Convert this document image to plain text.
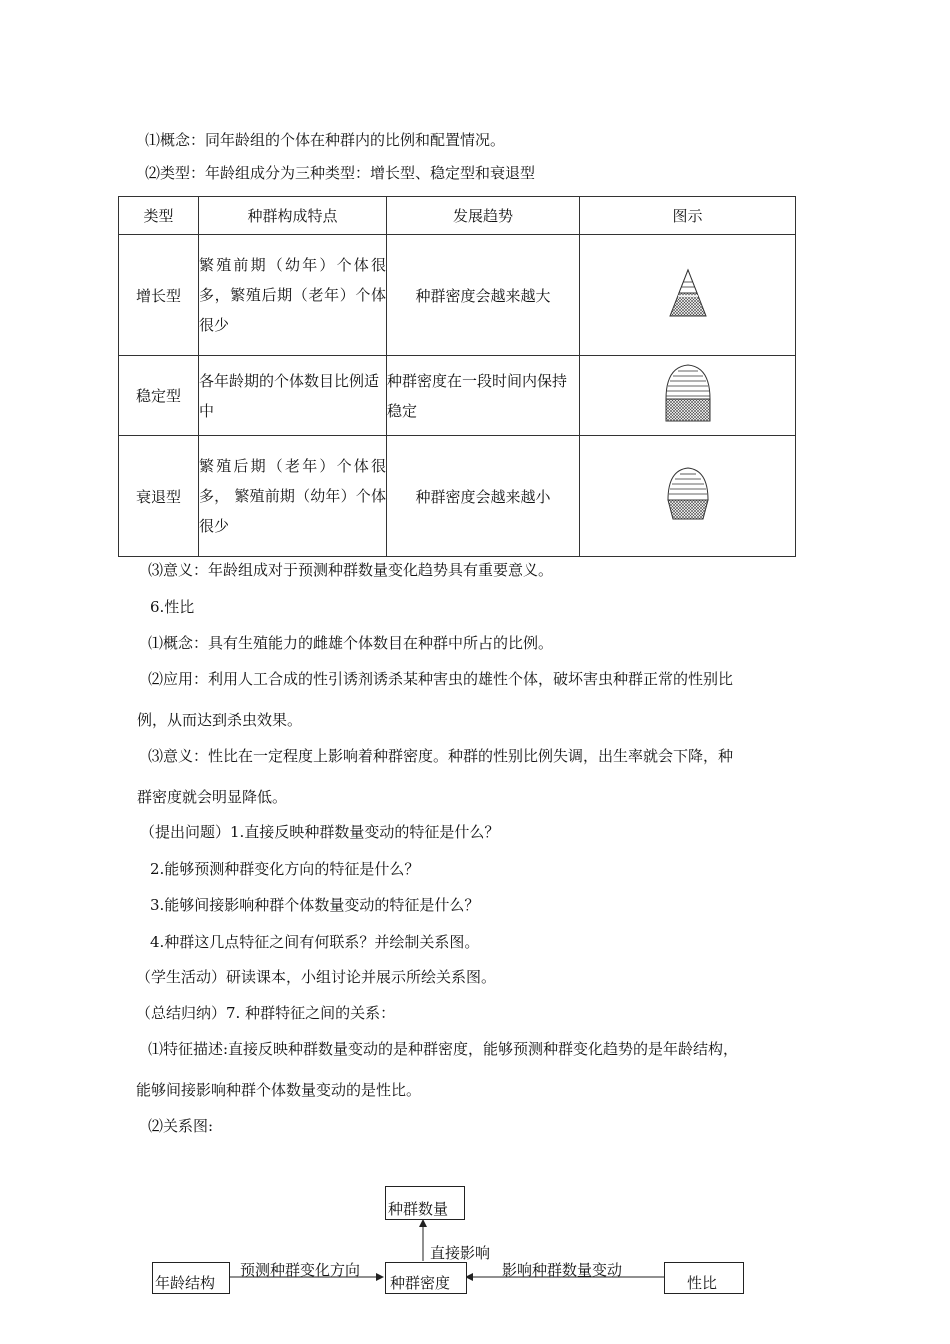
⑴概念：同年龄组的个体在种群内的比例和配置情况。
⑵类型：年龄组成分为三种类型：增长型、稳定型和衰退型
类型	种群构成特点	发展趋势	图示
增长型	繁殖前期（幼年）个体很多，繁殖后期（老年）个体很少	种群密度会越来越大	
稳定型	各年龄期的个体数目比例适中	种群密度在一段时间内保持稳定	
衰退型	繁殖后期（老年）个体很多， 繁殖前期（幼年）个体很少	种群密度会越来越小	
⑶意义：年龄组成对于预测种群数量变化趋势具有重要意义。
6.性比
⑴概念：具有生殖能力的雌雄个体数目在种群中所占的比例。
⑵应用：利用人工合成的性引诱剂诱杀某种害虫的雄性个体，破坏害虫种群正常的性别比
例，从而达到杀虫效果。
⑶意义：性比在一定程度上影响着种群密度。种群的性别比例失调，出生率就会下降，种
群密度就会明显降低。
（提出问题）1.直接反映种群数量变动的特征是什么？
2.能够预测种群变化方向的特征是什么？
3.能够间接影响种群个体数量变动的特征是什么？
4.种群这几点特征之间有何联系？并绘制关系图。
（学生活动）研读课本，小组讨论并展示所绘关系图。
（总结归纳）7. 种群特征之间的关系：
⑴特征描述:直接反映种群数量变动的是种群密度，能够预测种群变化趋势的是年龄结构，
能够间接影响种群个体数量变动的是性比。
⑵关系图:
种群数量
年龄结构	种群密度	性比
预测种群变化方向
直接影响
影响种群数量变动
